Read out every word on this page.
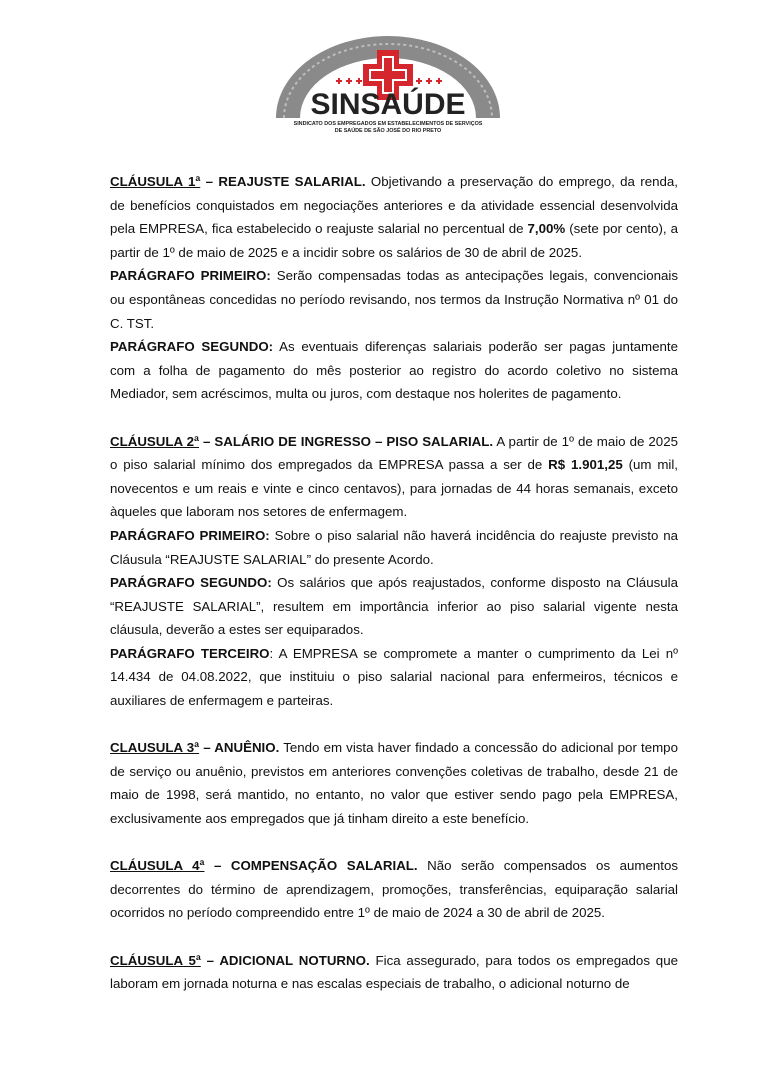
SINSAÚDE
SINDICATO DOS EMPREGADOS EM ESTABELECIMENTOS DE SERVIÇOS
DE SAÚDE DE SÃO JOSÉ DO RIO PRETO

CLÁUSULA 1ª – REAJUSTE SALARIAL. Objetivando a preservação do emprego, da renda, de benefícios conquistados em negociações anteriores e da atividade essencial desenvolvida pela EMPRESA, fica estabelecido o reajuste salarial no percentual de 7,00% (sete por cento), a partir de 1º de maio de 2025 e a incidir sobre os salários de 30 de abril de 2025.

PARÁGRAFO PRIMEIRO: Serão compensadas todas as antecipações legais, convencionais ou espontâneas concedidas no período revisando, nos termos da Instrução Normativa nº 01 do C. TST.

PARÁGRAFO SEGUNDO: As eventuais diferenças salariais poderão ser pagas juntamente com a folha de pagamento do mês posterior ao registro do acordo coletivo no sistema Mediador, sem acréscimos, multa ou juros, com destaque nos holerites de pagamento.

CLÁUSULA 2ª – SALÁRIO DE INGRESSO – PISO SALARIAL. A partir de 1º de maio de 2025 o piso salarial mínimo dos empregados da EMPRESA passa a ser de R$ 1.901,25 (um mil, novecentos e um reais e vinte e cinco centavos), para jornadas de 44 horas semanais, exceto àqueles que laboram nos setores de enfermagem.

PARÁGRAFO PRIMEIRO: Sobre o piso salarial não haverá incidência do reajuste previsto na Cláusula “REAJUSTE SALARIAL” do presente Acordo.

PARÁGRAFO SEGUNDO: Os salários que após reajustados, conforme disposto na Cláusula “REAJUSTE SALARIAL”, resultem em importância inferior ao piso salarial vigente nesta cláusula, deverão a estes ser equiparados.

PARÁGRAFO TERCEIRO: A EMPRESA se compromete a manter o cumprimento da Lei nº 14.434 de 04.08.2022, que instituiu o piso salarial nacional para enfermeiros, técnicos e auxiliares de enfermagem e parteiras.

CLAUSULA 3ª – ANUÊNIO. Tendo em vista haver findado a concessão do adicional por tempo de serviço ou anuênio, previstos em anteriores convenções coletivas de trabalho, desde 21 de maio de 1998, será mantido, no entanto, no valor que estiver sendo pago pela EMPRESA, exclusivamente aos empregados que já tinham direito a este benefício.

CLÁUSULA 4ª – COMPENSAÇÃO SALARIAL. Não serão compensados os aumentos decorrentes do término de aprendizagem, promoções, transferências, equiparação salarial ocorridos no período compreendido entre 1º de maio de 2024 a 30 de abril de 2025.

CLÁUSULA 5ª – ADICIONAL NOTURNO. Fica assegurado, para todos os empregados que laboram em jornada noturna e nas escalas especiais de trabalho, o adicional noturno de
